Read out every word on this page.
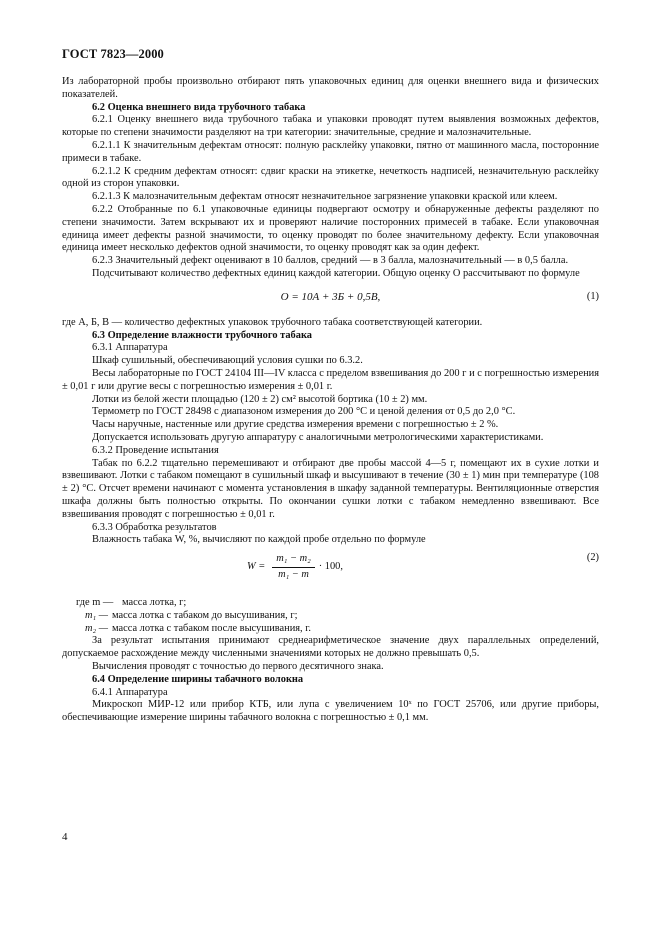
ГОСТ 7823—2000

Из лабораторной пробы произвольно отбирают пять упаковочных единиц для оценки внешнего вида и физических показателей.

6.2 Оценка внешнего вида трубочного табака

6.2.1 Оценку внешнего вида трубочного табака и упаковки проводят путем выявления возможных дефектов, которые по степени значимости разделяют на три категории: значительные, средние и малозначительные.

6.2.1.1 К значительным дефектам относят: полную расклейку упаковки, пятно от машинного масла, посторонние примеси в табаке.

6.2.1.2 К средним дефектам относят: сдвиг краски на этикетке, нечеткость надписей, незначительную расклейку одной из сторон упаковки.

6.2.1.3 К малозначительным дефектам относят незначительное загрязнение упаковки краской или клеем.

6.2.2 Отобранные по 6.1 упаковочные единицы подвергают осмотру и обнаруженные дефекты разделяют по степени значимости. Затем вскрывают их и проверяют наличие посторонних примесей в табаке. Если упаковочная единица имеет дефекты разной значимости, то оценку проводят по более значительному дефекту. Если упаковочная единица имеет несколько дефектов одной значимости, то оценку проводят как за один дефект.

6.2.3 Значительный дефект оценивают в 10 баллов, средний — в 3 балла, малозначительный — в 0,5 балла.

Подсчитывают количество дефектных единиц каждой категории. Общую оценку О рассчитывают по формуле

О = 10А + 3Б + 0,5В,	(1)

где А, Б, В — количество дефектных упаковок трубочного табака соответствующей категории.

6.3 Определение влажности трубочного табака

6.3.1 Аппаратура

Шкаф сушильный, обеспечивающий условия сушки по 6.3.2.

Весы лабораторные по ГОСТ 24104 III—IV класса с пределом взвешивания до 200 г и с погрешностью измерения ± 0,01 г или другие весы с погрешностью измерения ± 0,01 г.

Лотки из белой жести площадью (120 ± 2) см² высотой бортика (10 ± 2) мм.

Термометр по ГОСТ 28498 с диапазоном измерения до 200 °С и ценой деления от 0,5 до 2,0 °С.

Часы наручные, настенные или другие средства измерения времени с погрешностью ± 2 %.

Допускается использовать другую аппаратуру с аналогичными метрологическими характеристиками.

6.3.2 Проведение испытания

Табак по 6.2.2 тщательно перемешивают и отбирают две пробы массой 4—5 г, помещают их в сухие лотки и взвешивают. Лотки с табаком помещают в сушильный шкаф и высушивают в течение (30 ± 1) мин при температуре (108 ± 2) °С. Отсчет времени начинают с момента установления в шкафу заданной температуры. Вентиляционные отверстия шкафа должны быть полностью открыты. По окончании сушки лотки с табаком немедленно взвешивают. Все взвешивания проводят с погрешностью ± 0,01 г.

6.3.3 Обработка результатов

Влажность табака W, %, вычисляют по каждой пробе отдельно по формуле

$W = \frac{\text{m₁ − m₂}}{\text{m₁ − m}} \cdot 100$,
(2)
где m — масса лотка, г;
m₁ — масса лотка с табаком до высушивания, г;
m₂ — масса лотка с табаком после высушивания, г.

За результат испытания принимают среднеарифметическое значение двух параллельных определений, допускаемое расхождение между численными значениями которых не должно превышать 0,5.

Вычисления проводят с точностью до первого десятичного знака.

6.4 Определение ширины табачного волокна

6.4.1 Аппаратура

Микроскоп МИР-12 или прибор КТБ, или лупа с увеличением 10ˣ по ГОСТ 25706, или другие приборы, обеспечивающие измерение ширины табачного волокна с погрешностью ± 0,1 мм.

4
